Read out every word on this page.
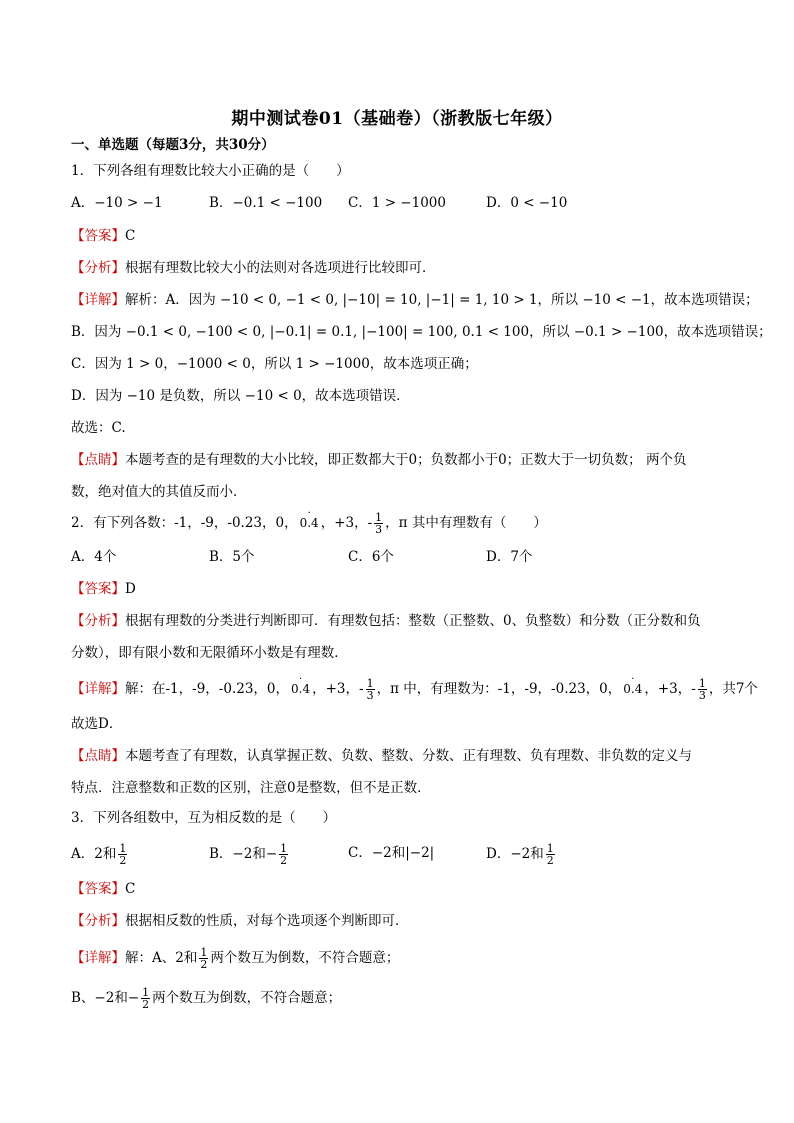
期中测试卷01（基础卷）（浙教版七年级）
一、单选题（每题3分，共30分）
1．下列各组有理数比较大小正确的是（　　）
A．−10 > −1	B．−0.1 < −100 C．1 > −1000	D．0 < −10
【答案】C
【分析】根据有理数比较大小的法则对各选项进行比较即可．
【详解】解析：A．因为 −10 < 0, −1 < 0, |−10| = 10, |−1| = 1, 10 > 1，所以 −10 < −1，故本选项错误；
B．因为 −0.1 < 0, −100 < 0, |−0.1| = 0.1, |−100| = 100, 0.1 < 100，所以 −0.1 > −100，故本选项错误；
C．因为 1 > 0，−1000 < 0，所以 1 > −1000，故本选项正确；
D．因为 −10 是负数，所以 −10 < 0，故本选项错误．
故选：C.
【点睛】本题考查的是有理数的大小比较，即正数都大于0；负数都小于0；正数大于一切负数； 两个负
数，绝对值大的其值反而小．
2．有下列各数：-1，-9，-0.23，0，
·
0.4 ，+3，- $\frac{1}{3}$ ，π 其中有理数有（　　）
A．4个	B．5个	C．6个	D．7个
【答案】D
【分析】根据有理数的分类进行判断即可．有理数包括：整数（正整数、0、负整数）和分数（正分数和负
分数），即有限小数和无限循环小数是有理数．
【详解】解：在-1，-9，-0.23，0，
·
0.4 ，+3，- $\frac{1}{3}$ ，π 中，有理数为：-1，-9，-0.23，0，
·
0.4 ，+3，- $\frac{1}{3}$ ，共7个
故选D．
【点睛】本题考查了有理数，认真掌握正数、负数、整数、分数、正有理数、负有理数、非负数的定义与
特点．注意整数和正数的区别，注意0是整数，但不是正数．
3．下列各组数中，互为相反数的是（　　）
A．2和 $\frac{1}{2}$	B．−2和− $\frac{1}{2}$	C．−2和|−2|	D．−2和 $\frac{1}{2}$
【答案】C
【分析】根据相反数的性质，对每个选项逐个判断即可．
【详解】解：A、2和 $\frac{1}{2}$ 两个数互为倒数，不符合题意；
B、−2和− $\frac{1}{2}$ 两个数互为倒数，不符合题意；
